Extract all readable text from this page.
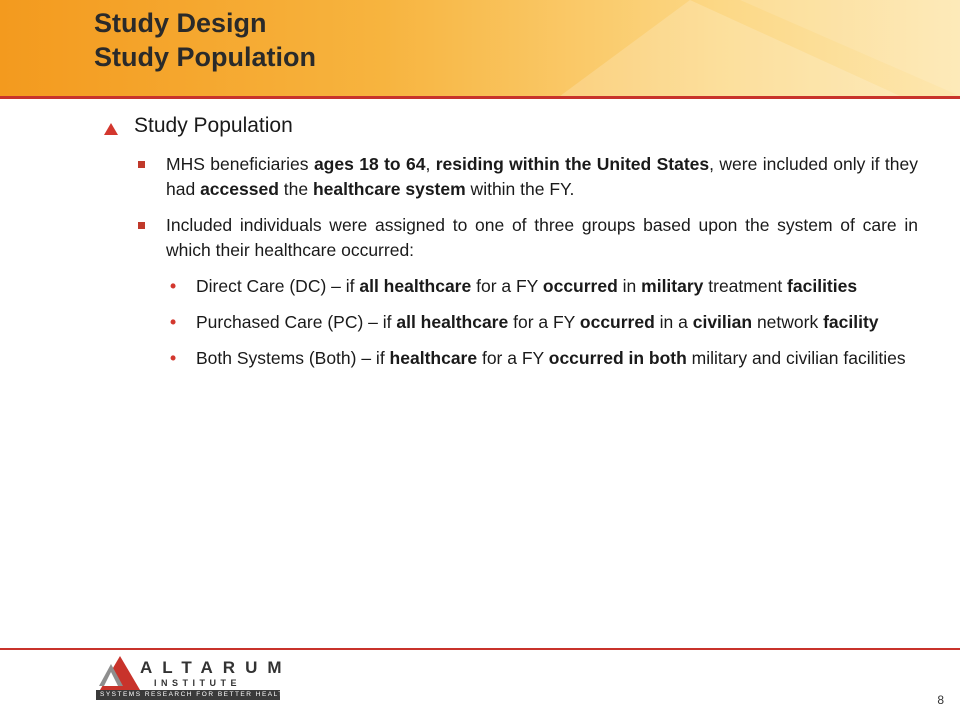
Study Design
Study Population
Study Population
MHS beneficiaries ages 18 to 64, residing within the United States, were included only if they had accessed the healthcare system within the FY.
Included individuals were assigned to one of three groups based upon the system of care in which their healthcare occurred:
• Direct Care (DC) – if all healthcare for a FY occurred in military treatment facilities
• Purchased Care (PC) – if all healthcare for a FY occurred in a civilian network facility
• Both Systems (Both) – if healthcare for a FY occurred in both military and civilian facilities
ALTARUM
INSTITUTE
SYSTEMS RESEARCH FOR BETTER HEALTH	8
